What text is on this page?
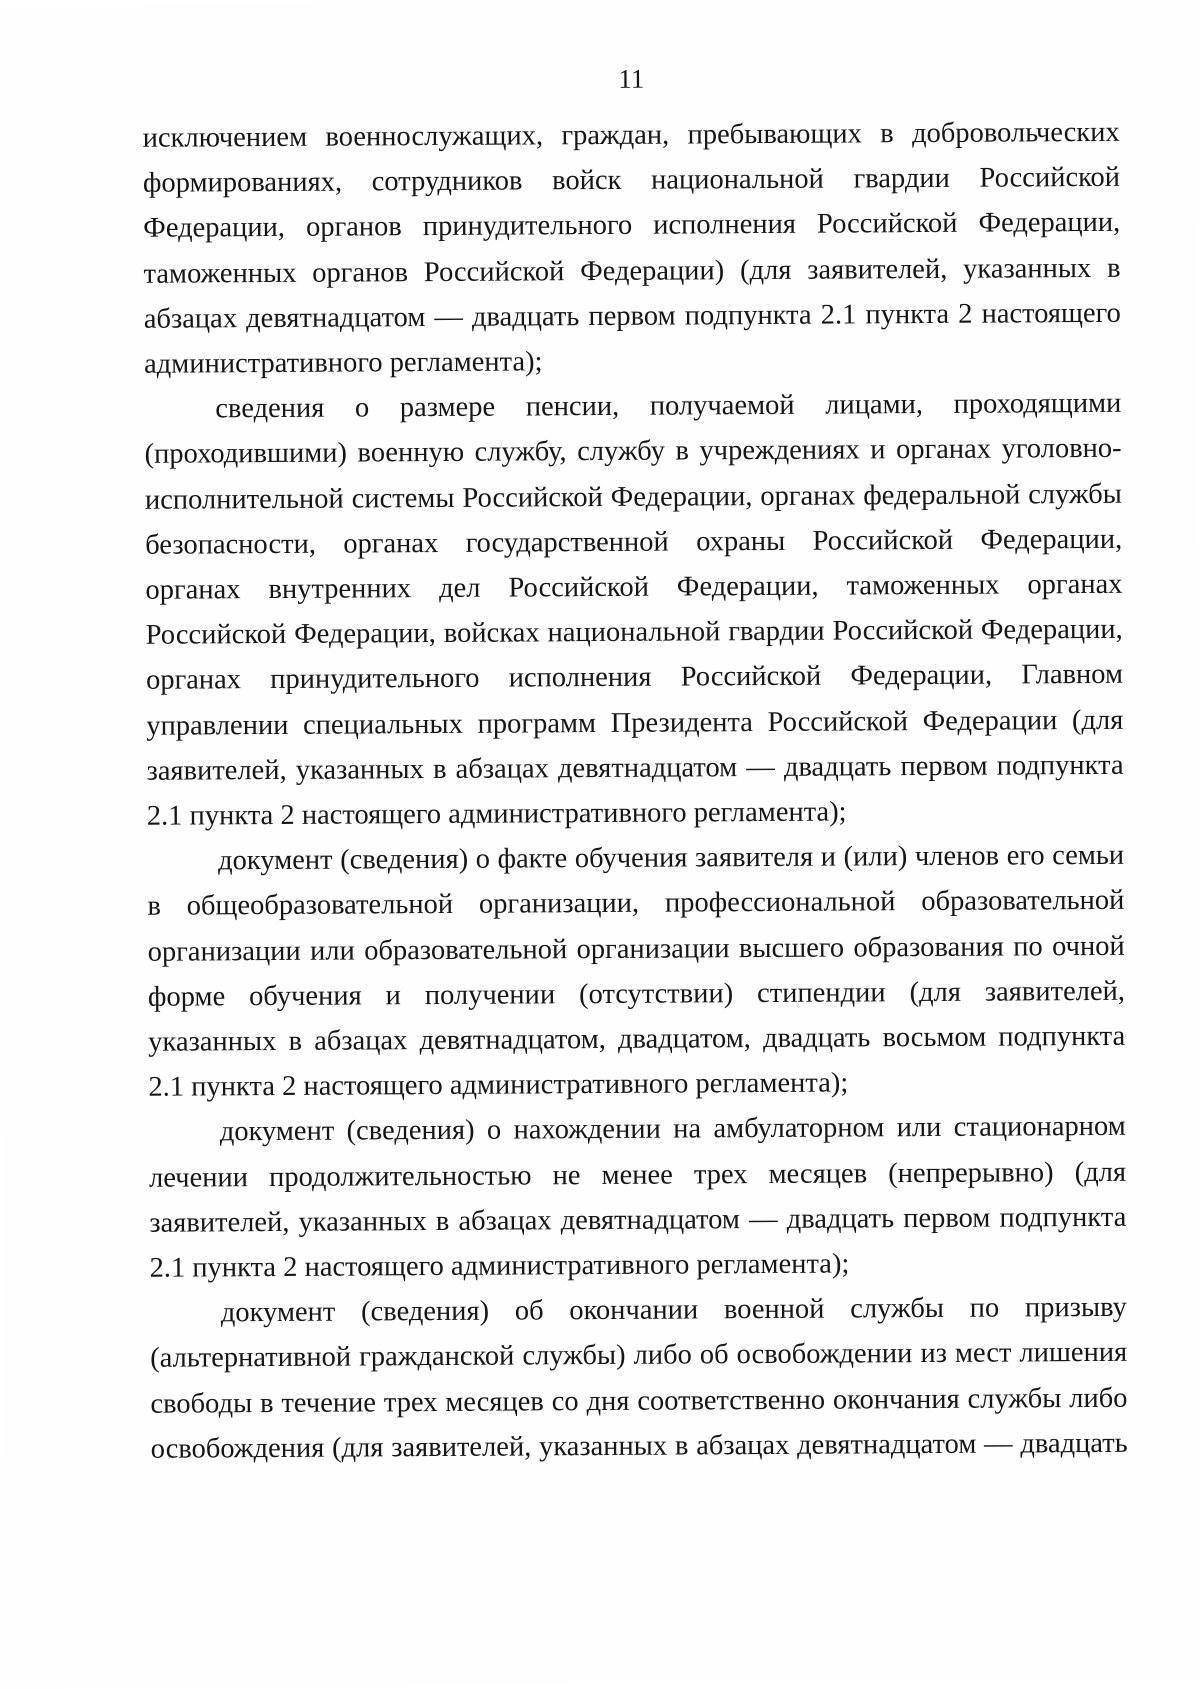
11

исключением военнослужащих, граждан, пребывающих в добровольческих формированиях, сотрудников войск национальной гвардии Российской Федерации, органов принудительного исполнения Российской Федерации, таможенных органов Российской Федерации) (для заявителей, указанных в абзацах девятнадцатом — двадцать первом подпункта 2.1 пункта 2 настоящего административного регламента);

сведения о размере пенсии, получаемой лицами, проходящими (проходившими) военную службу, службу в учреждениях и органах уголовно-исполнительной системы Российской Федерации, органах федеральной службы безопасности, органах государственной охраны Российской Федерации, органах внутренних дел Российской Федерации, таможенных органах Российской Федерации, войсках национальной гвардии Российской Федерации, органах принудительного исполнения Российской Федерации, Главном управлении специальных программ Президента Российской Федерации (для заявителей, указанных в абзацах девятнадцатом — двадцать первом подпункта 2.1 пункта 2 настоящего административного регламента);

документ (сведения) о факте обучения заявителя и (или) членов его семьи в общеобразовательной организации, профессиональной образовательной организации или образовательной организации высшего образования по очной форме обучения и получении (отсутствии) стипендии (для заявителей, указанных в абзацах девятнадцатом, двадцатом, двадцать восьмом подпункта 2.1 пункта 2 настоящего административного регламента);

документ (сведения) о нахождении на амбулаторном или стационарном лечении продолжительностью не менее трех месяцев (непрерывно) (для заявителей, указанных в абзацах девятнадцатом — двадцать первом подпункта 2.1 пункта 2 настоящего административного регламента);

документ (сведения) об окончании военной службы по призыву (альтернативной гражданской службы) либо об освобождении из мест лишения свободы в течение трех месяцев со дня соответственно окончания службы либо освобождения (для заявителей, указанных в абзацах девятнадцатом — двадцать
